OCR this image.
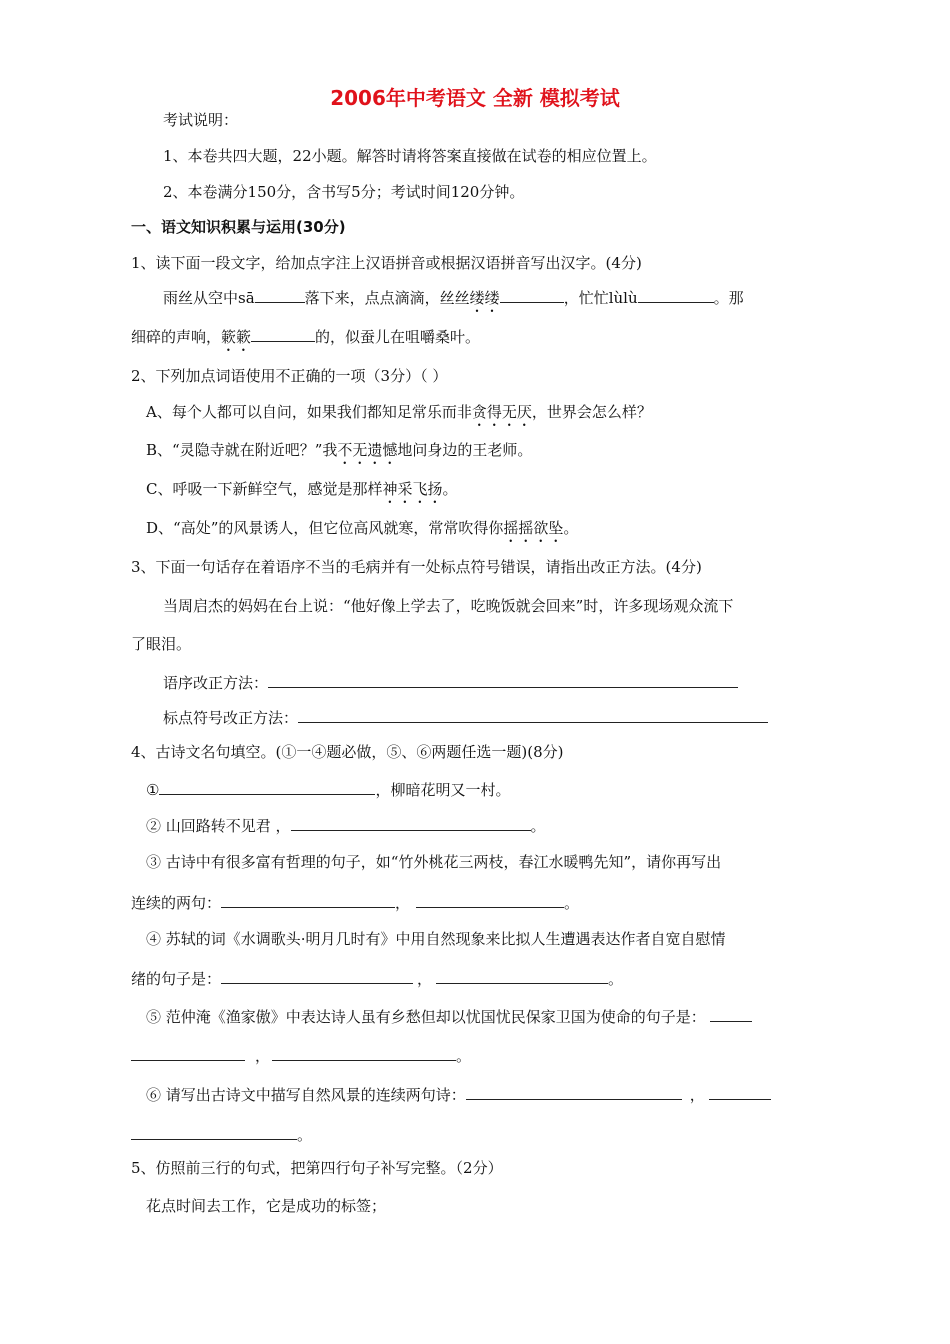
2006年中考语文 全新 模拟考试
考试说明：
1、本卷共四大题，22小题。解答时请将答案直接做在试卷的相应位置上。
2、本卷满分150分，含书写5分；考试时间120分钟。
一、语文知识积累与运用(30分)
1、读下面一段文字，给加点字注上汉语拼音或根据汉语拼音写出汉字。(4分)
雨丝从空中sā	落下来，点点滴滴，丝丝缕缕	，忙忙lùlù	。那
细碎的声响，簌簌	的，似蚕儿在咀嚼桑叶。
2、下列加点词语使用不正确的一项（3分）（ ）
A、每个人都可以自问，如果我们都知足常乐而非贪得无厌，世界会怎么样？
B、“灵隐寺就在附近吧？”我不无遗憾地问身边的王老师。
C、呼吸一下新鲜空气，感觉是那样神采飞扬。
D、“高处”的风景诱人，但它位高风就寒，常常吹得你摇摇欲坠。
3、下面一句话存在着语序不当的毛病并有一处标点符号错误，请指出改正方法。(4分)
当周启杰的妈妈在台上说：“他好像上学去了，吃晚饭就会回来”时，许多现场观众流下
了眼泪。
语序改正方法：
标点符号改正方法：
4、古诗文名句填空。(①一④题必做，⑤、⑥两题任选一题)(8分)
①	，柳暗花明又一村。
② 山回路转不见君 ，	。
③ 古诗中有很多富有哲理的句子，如“竹外桃花三两枝，春江水暖鸭先知”，请你再写出
连续的两句：	，	。
④ 苏轼的词《水调歌头·明月几时有》中用自然现象来比拟人生遭遇表达作者自宽自慰情
绪的句子是：	，	。
⑤ 范仲淹《渔家傲》中表达诗人虽有乡愁但却以忧国忧民保家卫国为使命的句子是：
，	。
⑥ 请写出古诗文中描写自然风景的连续两句诗：	，
。
5、仿照前三行的句式，把第四行句子补写完整。（2分）
花点时间去工作，它是成功的标签；
